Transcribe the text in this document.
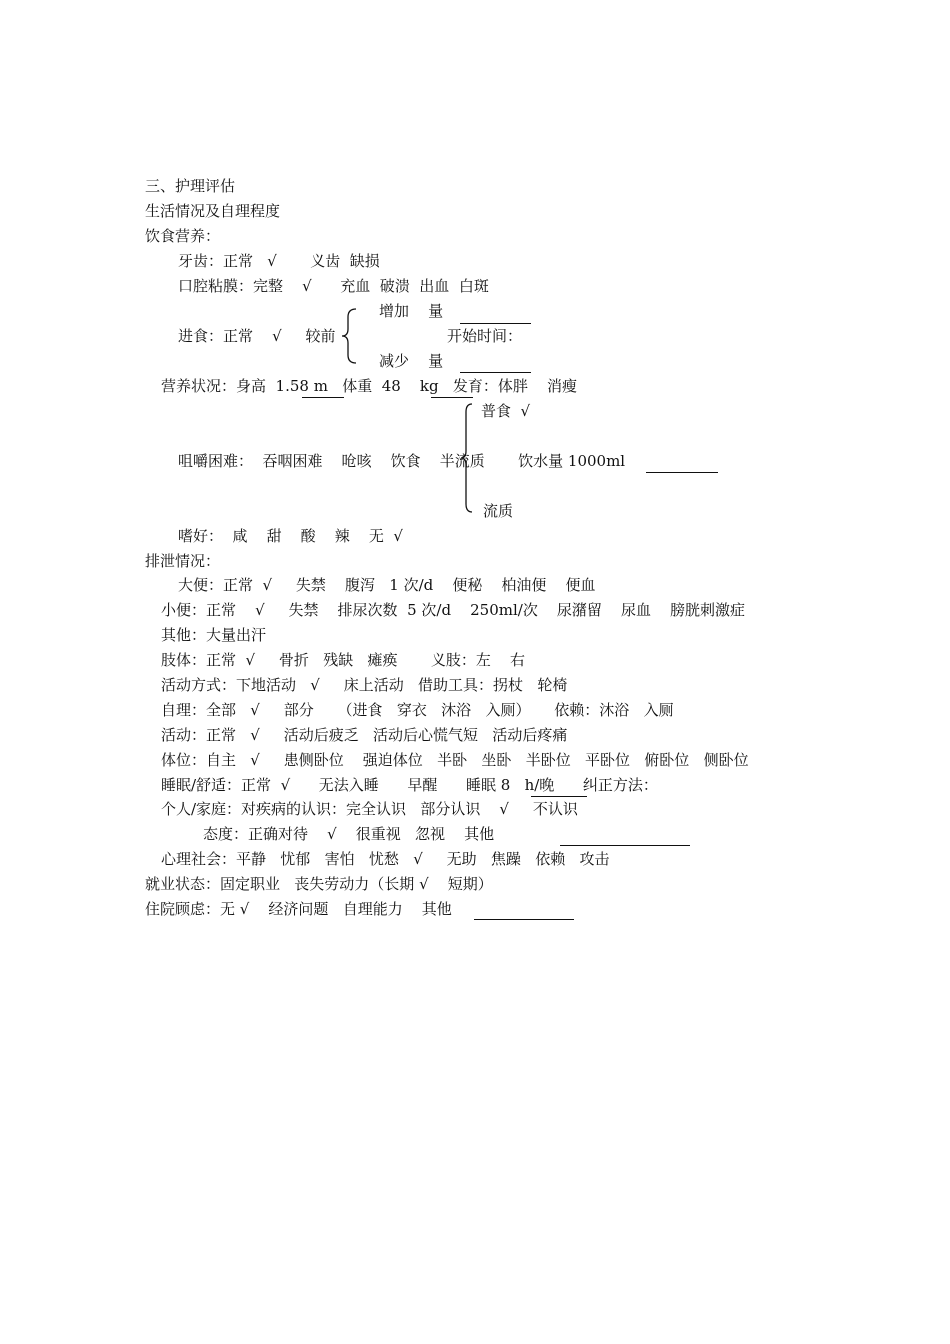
三、护理评估
生活情况及自理程度
饮食营养：
牙齿：正常   √       义齿  缺损
口腔粘膜：完整    √      充血  破溃  出血  白斑
增加    量
进食：正常    √     较前	开始时间：
减少    量
营养状况：身高  1.58 m   体重  48    kg   发育：体胖    消瘦
普食  √
咀嚼困难：  吞咽困难    呛咳    饮食    半流质       饮水量 1000ml
流质
嗜好：  咸    甜    酸    辣    无  √
排泄情况：
大便：正常  √     失禁    腹泻   1 次/d    便秘    柏油便    便血
小便：正常    √     失禁    排尿次数  5 次/d    250ml/次    尿潴留    尿血    膀胱刺激症
其他：大量出汗
肢体：正常  √     骨折   残缺   瘫痪       义肢：左    右
活动方式：下地活动   √     床上活动   借助工具：拐杖   轮椅
自理：全部   √     部分     （进食   穿衣   沐浴   入厕）     依赖：沐浴   入厕
活动：正常   √     活动后疲乏   活动后心慌气短   活动后疼痛
体位：自主   √     患侧卧位    强迫体位   半卧   坐卧   半卧位   平卧位   俯卧位   侧卧位
睡眠/舒适：正常  √      无法入睡      早醒      睡眠 8   h/晚      纠正方法：
个人/家庭：对疾病的认识：完全认识   部分认识    √     不认识
态度：正确对待    √    很重视   忽视    其他
心理社会：平静   忧郁   害怕   忧愁   √     无助   焦躁   依赖   攻击
就业状态：固定职业   丧失劳动力（长期 √    短期）
住院顾虑：无 √    经济问题   自理能力    其他
